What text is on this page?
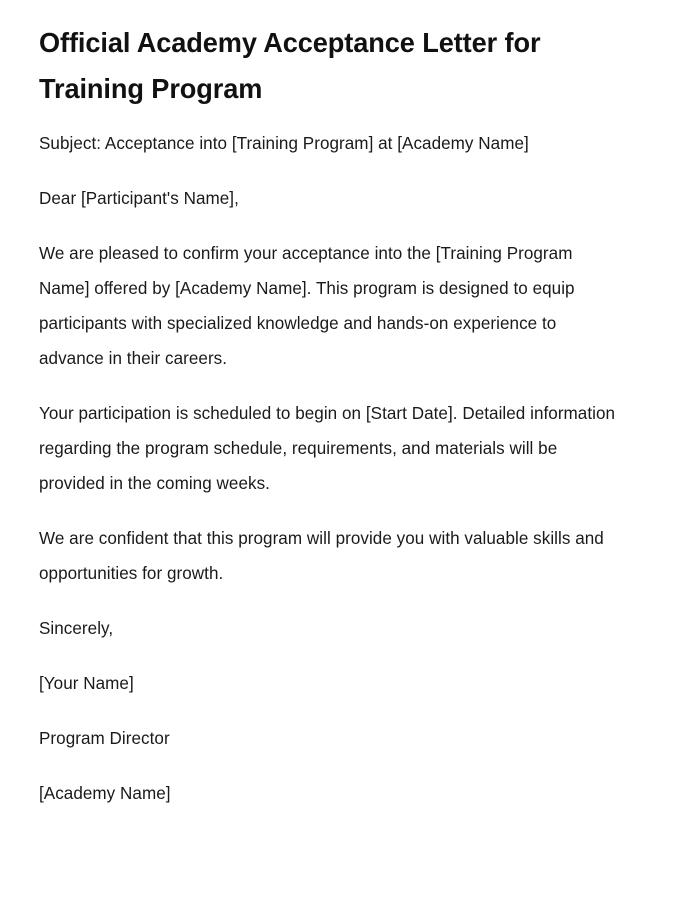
Official Academy Acceptance Letter for Training Program

Subject: Acceptance into [Training Program] at [Academy Name]

Dear [Participant's Name],

We are pleased to confirm your acceptance into the [Training Program Name] offered by [Academy Name]. This program is designed to equip participants with specialized knowledge and hands-on experience to advance in their careers.

Your participation is scheduled to begin on [Start Date]. Detailed information regarding the program schedule, requirements, and materials will be provided in the coming weeks.

We are confident that this program will provide you with valuable skills and opportunities for growth.

Sincerely,

[Your Name]

Program Director

[Academy Name]
